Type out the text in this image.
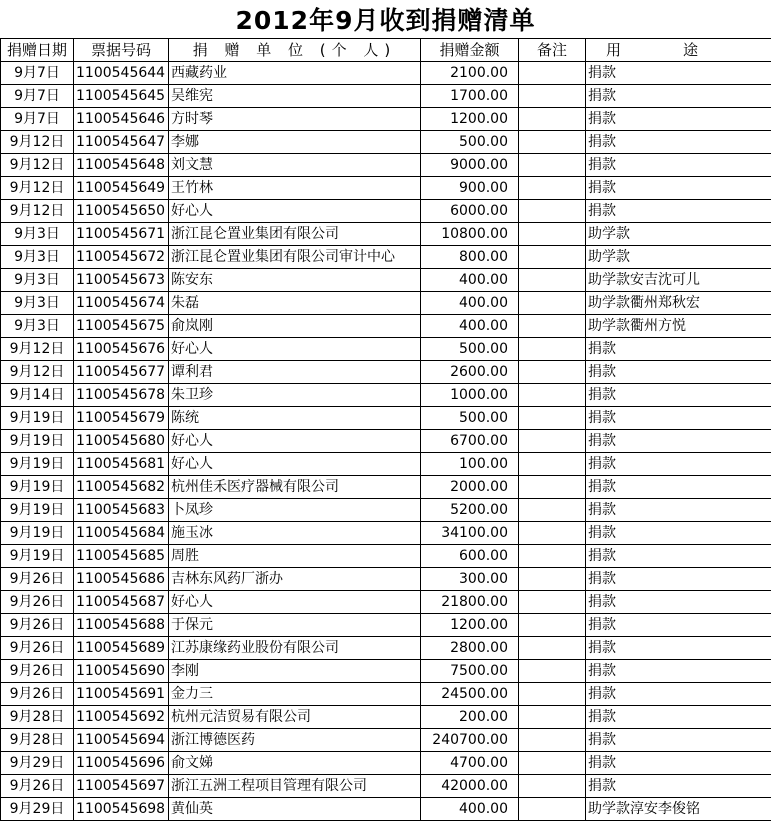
2012年9月收到捐赠清单
捐赠日期	票据号码	捐 赠 单 位 (个 人)	捐赠金额	备注	用 途
9月7日	1100545644	西藏药业	2100.00		捐款
9月7日	1100545645	吴维宪	1700.00		捐款
9月7日	1100545646	方时琴	1200.00		捐款
9月12日	1100545647	李娜	500.00		捐款
9月12日	1100545648	刘文慧	9000.00		捐款
9月12日	1100545649	王竹林	900.00		捐款
9月12日	1100545650	好心人	6000.00		捐款
9月3日	1100545671	浙江昆仑置业集团有限公司	10800.00		助学款
9月3日	1100545672	浙江昆仑置业集团有限公司审计中心	800.00		助学款
9月3日	1100545673	陈安东	400.00		助学款安吉沈可儿
9月3日	1100545674	朱磊	400.00		助学款衢州郑秋宏
9月3日	1100545675	俞岚刚	400.00		助学款衢州方悦
9月12日	1100545676	好心人	500.00		捐款
9月12日	1100545677	谭利君	2600.00		捐款
9月14日	1100545678	朱卫珍	1000.00		捐款
9月19日	1100545679	陈统	500.00		捐款
9月19日	1100545680	好心人	6700.00		捐款
9月19日	1100545681	好心人	100.00		捐款
9月19日	1100545682	杭州佳禾医疗器械有限公司	2000.00		捐款
9月19日	1100545683	卜凤珍	5200.00		捐款
9月19日	1100545684	施玉冰	34100.00		捐款
9月19日	1100545685	周胜	600.00		捐款
9月26日	1100545686	吉林东风药厂浙办	300.00		捐款
9月26日	1100545687	好心人	21800.00		捐款
9月26日	1100545688	于保元	1200.00		捐款
9月26日	1100545689	江苏康缘药业股份有限公司	2800.00		捐款
9月26日	1100545690	李刚	7500.00		捐款
9月26日	1100545691	金力三	24500.00		捐款
9月28日	1100545692	杭州元洁贸易有限公司	200.00		捐款
9月28日	1100545694	浙江博德医药	240700.00		捐款
9月29日	1100545696	俞文娣	4700.00		捐款
9月26日	1100545697	浙江五洲工程项目管理有限公司	42000.00		捐款
9月29日	1100545698	黄仙英	400.00		助学款淳安李俊铭
